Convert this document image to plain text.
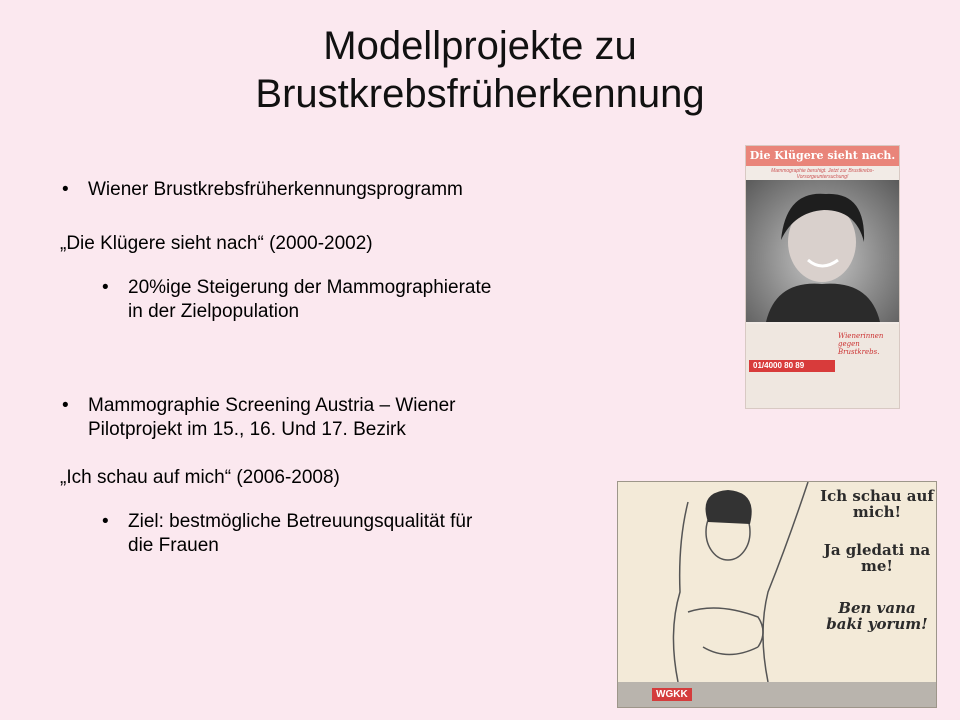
Modellprojekte zu
Brustkrebsfrüherkennung
• Wiener Brustkrebsfrüherkennungsprogramm
„Die Klügere sieht nach“ (2000-2002)
• 20%ige Steigerung der Mammographierate
in der Zielpopulation
• Mammographie Screening Austria – Wiener
Pilotprojekt im 15., 16. Und 17. Bezirk
„Ich schau auf mich“ (2006-2008)
• Ziel: bestmögliche Betreuungsqualität für
die Frauen
Die Klügere sieht nach.
Mammographie beruhigt. Jetzt zur Brustkrebs-Vorsorgeuntersuchung!
Wienerinnen gegen Brustkrebs.
01/4000 80 89
Ich schau auf mich!
Ja gledati na me!
Ben vana baki yorum!
WGKK
